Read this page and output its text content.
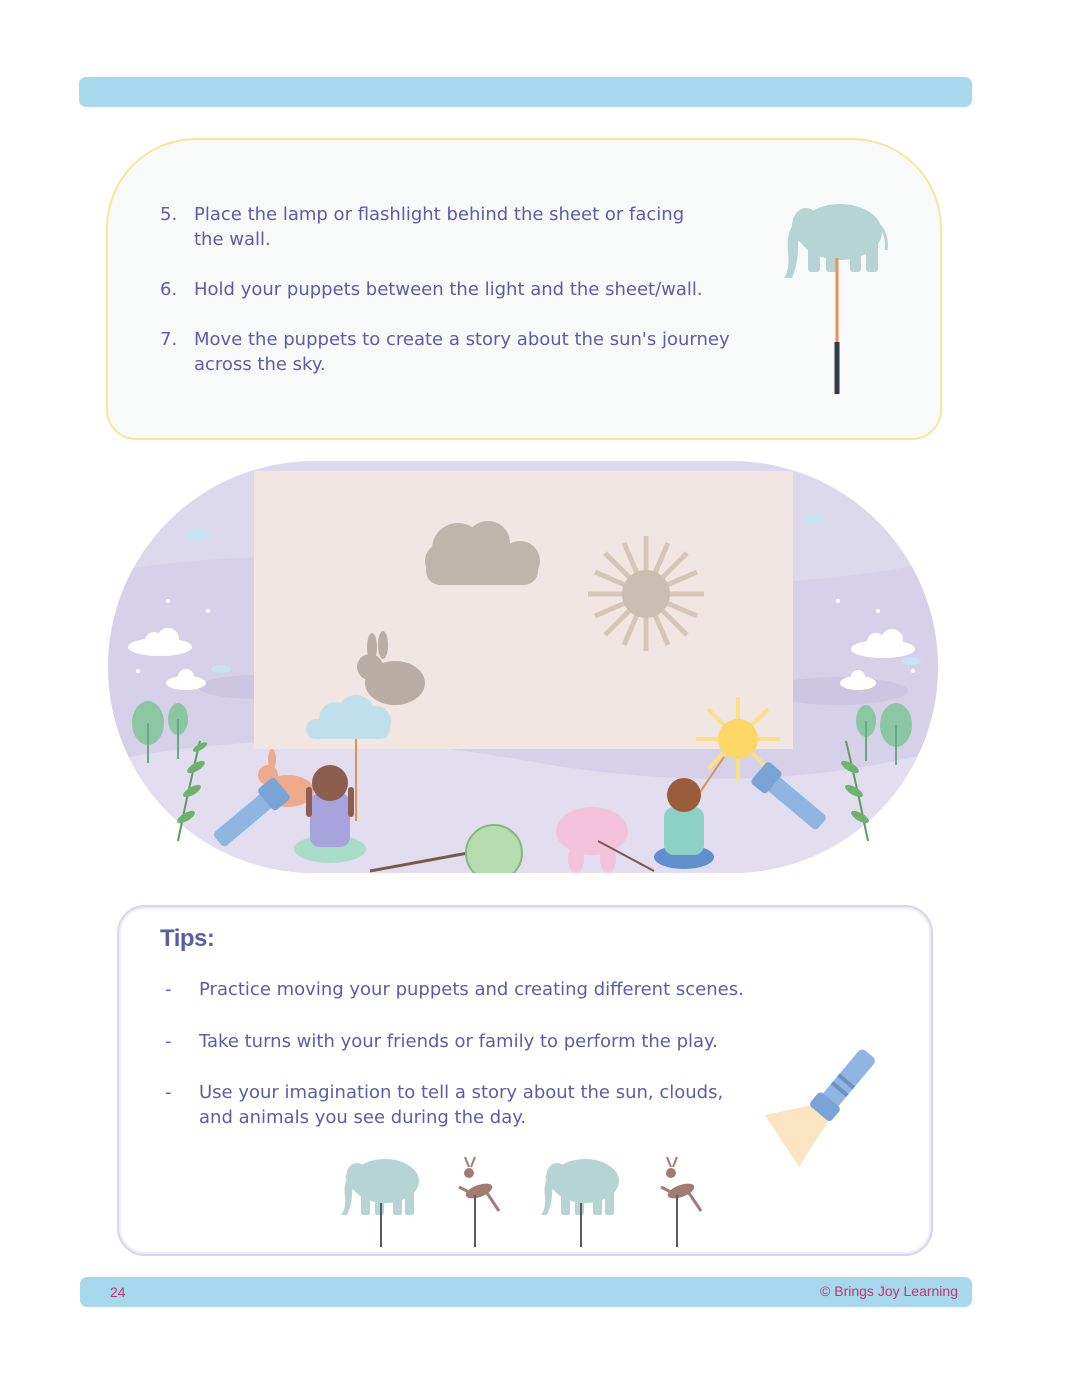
5. Place the lamp or flashlight behind the sheet or facing the wall.
6. Hold your puppets between the light and the sheet/wall.
7. Move the puppets to create a story about the sun's journey across the sky.
Tips:
- Practice moving your puppets and creating different scenes.
- Take turns with your friends or family to perform the play.
- Use your imagination to tell a story about the sun, clouds, and animals you see during the day.
24	© Brings Joy Learning
